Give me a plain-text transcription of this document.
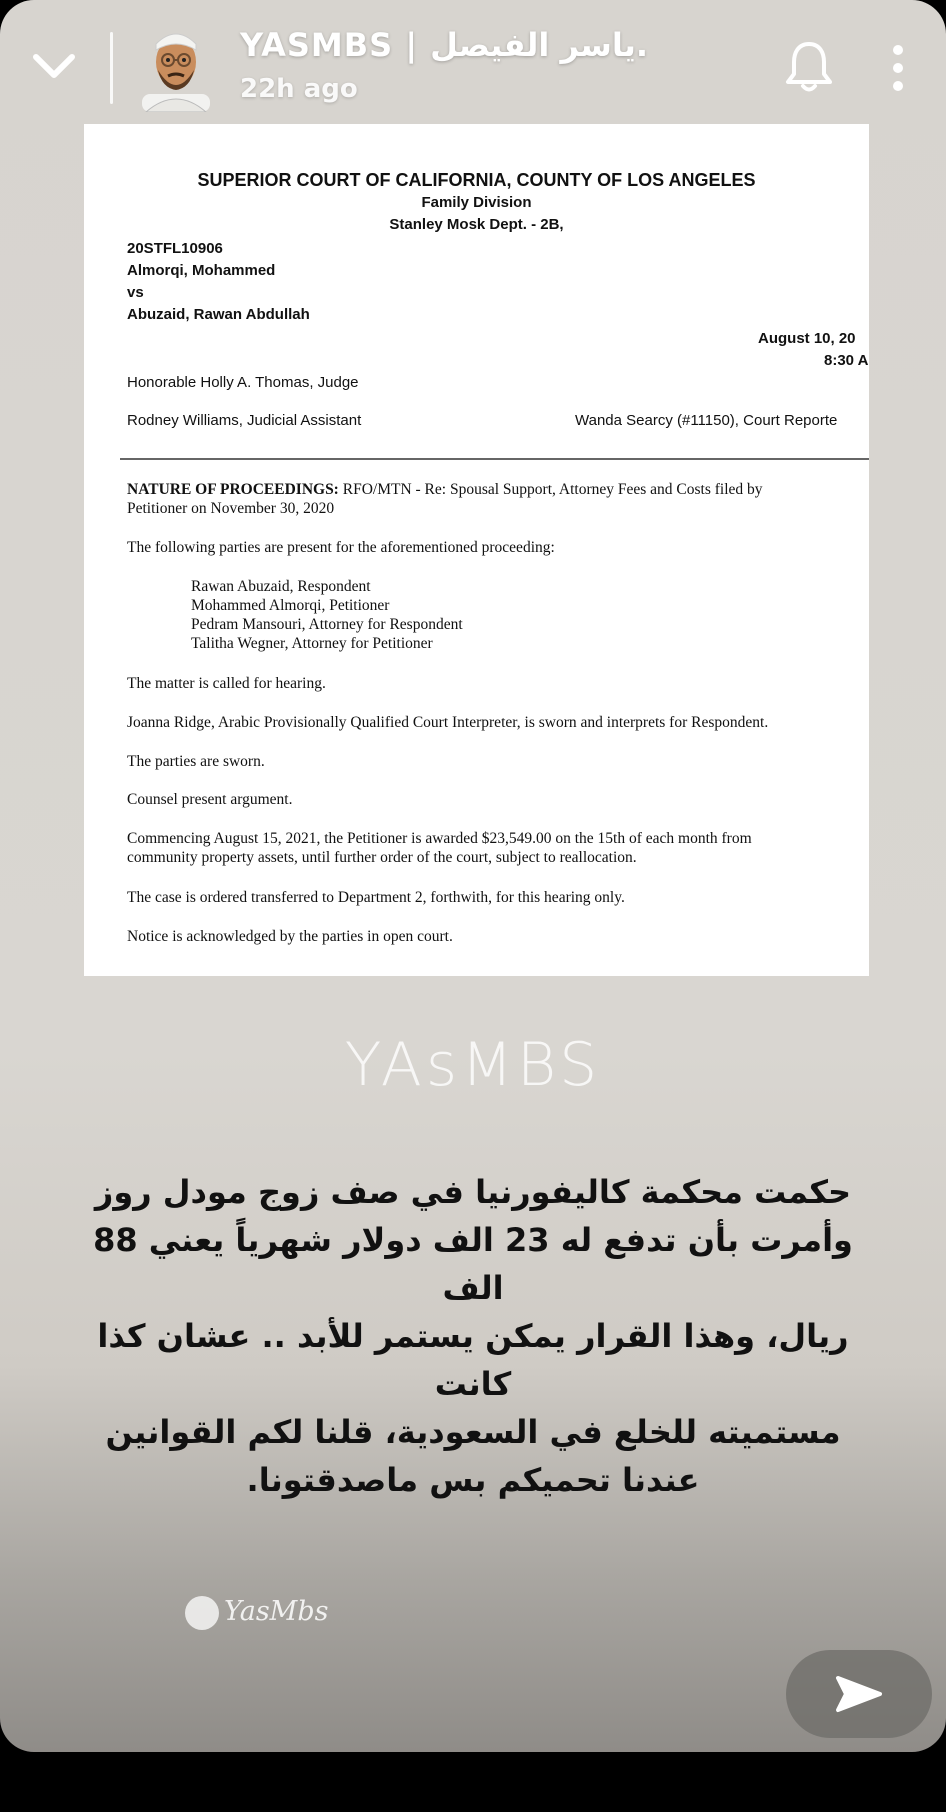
YASMBS | ياسر الفيصل.
22h ago
SUPERIOR COURT OF CALIFORNIA, COUNTY OF LOS ANGELES
Family Division
Stanley Mosk Dept. - 2B,
20STFL10906
Almorqi, Mohammed
vs
Abuzaid, Rawan Abdullah
August 10, 20
8:30 A
Honorable Holly A. Thomas, Judge
Rodney Williams, Judicial Assistant	Wanda Searcy (#11150), Court Reporte
NATURE OF PROCEEDINGS: RFO/MTN - Re: Spousal Support, Attorney Fees and Costs filed by
Petitioner on November 30, 2020
The following parties are present for the aforementioned proceeding:
Rawan Abuzaid, Respondent
Mohammed Almorqi, Petitioner
Pedram Mansouri, Attorney for Respondent
Talitha Wegner, Attorney for Petitioner
The matter is called for hearing.
Joanna Ridge, Arabic Provisionally Qualified Court Interpreter, is sworn and interprets for Respondent.
The parties are sworn.
Counsel present argument.
Commencing August 15, 2021, the Petitioner is awarded $23,549.00 on the 15th of each month from
community property assets, until further order of the court, subject to reallocation.
The case is ordered transferred to Department 2, forthwith, for this hearing only.
Notice is acknowledged by the parties in open court.
YAsMBS
حكمت محكمة كاليفورنيا في صف زوج مودل روز
وأمرت بأن تدفع له 23 الف دولار شهرياً يعني 88 الف
ريال، وهذا القرار يمكن يستمر للأبد .. عشان كذا كانت
مستميته للخلع في السعودية، قلنا لكم القوانين
عندنا تحميكم بس ماصدقتونا.
YasMbs
